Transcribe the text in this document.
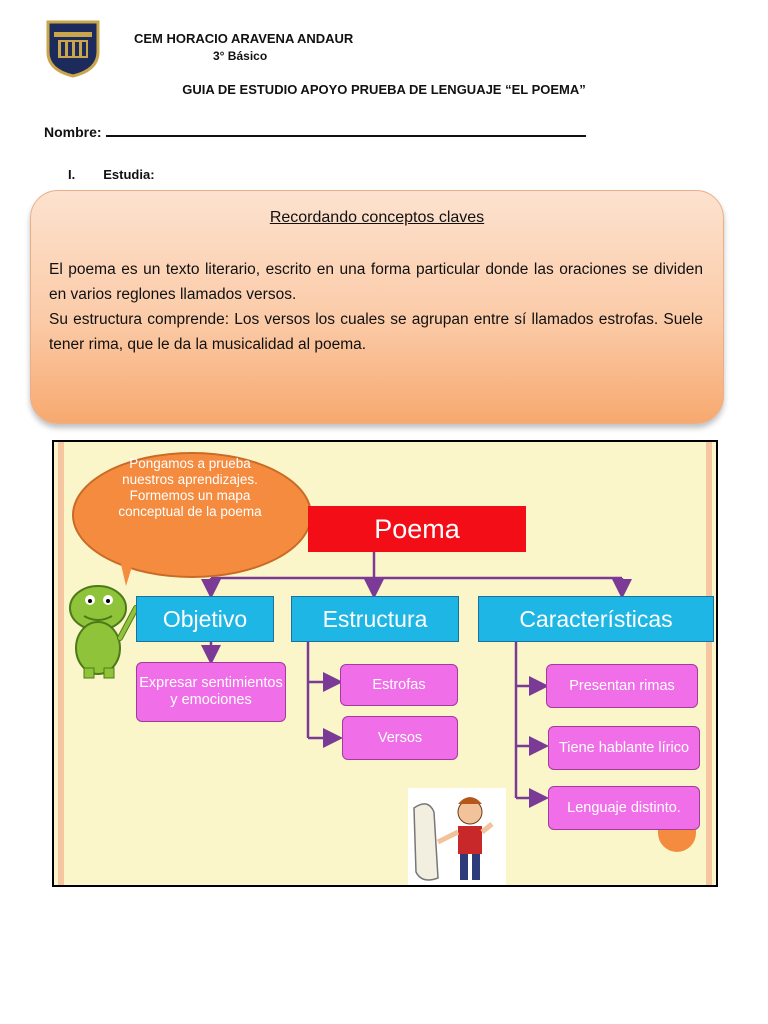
CEM HORACIO ARAVENA ANDAUR
3° Básico
GUIA DE ESTUDIO APOYO PRUEBA DE LENGUAJE “EL POEMA”
Nombre:
I. Estudia:
Recordando conceptos claves
El poema es un texto literario, escrito en una forma particular donde las oraciones se dividen en varios reglones llamados versos.
Su estructura comprende: Los versos los cuales se agrupan entre sí llamados estrofas. Suele tener rima, que le da la musicalidad al poema.
Pongamos a prueba nuestros aprendizajes. Formemos un mapa conceptual de la poema
Poema
Objetivo	Estructura	Características
Expresar sentimientos y emociones
Estrofas
Versos
Presentan rimas
Tiene hablante lírico
Lenguaje distinto.
